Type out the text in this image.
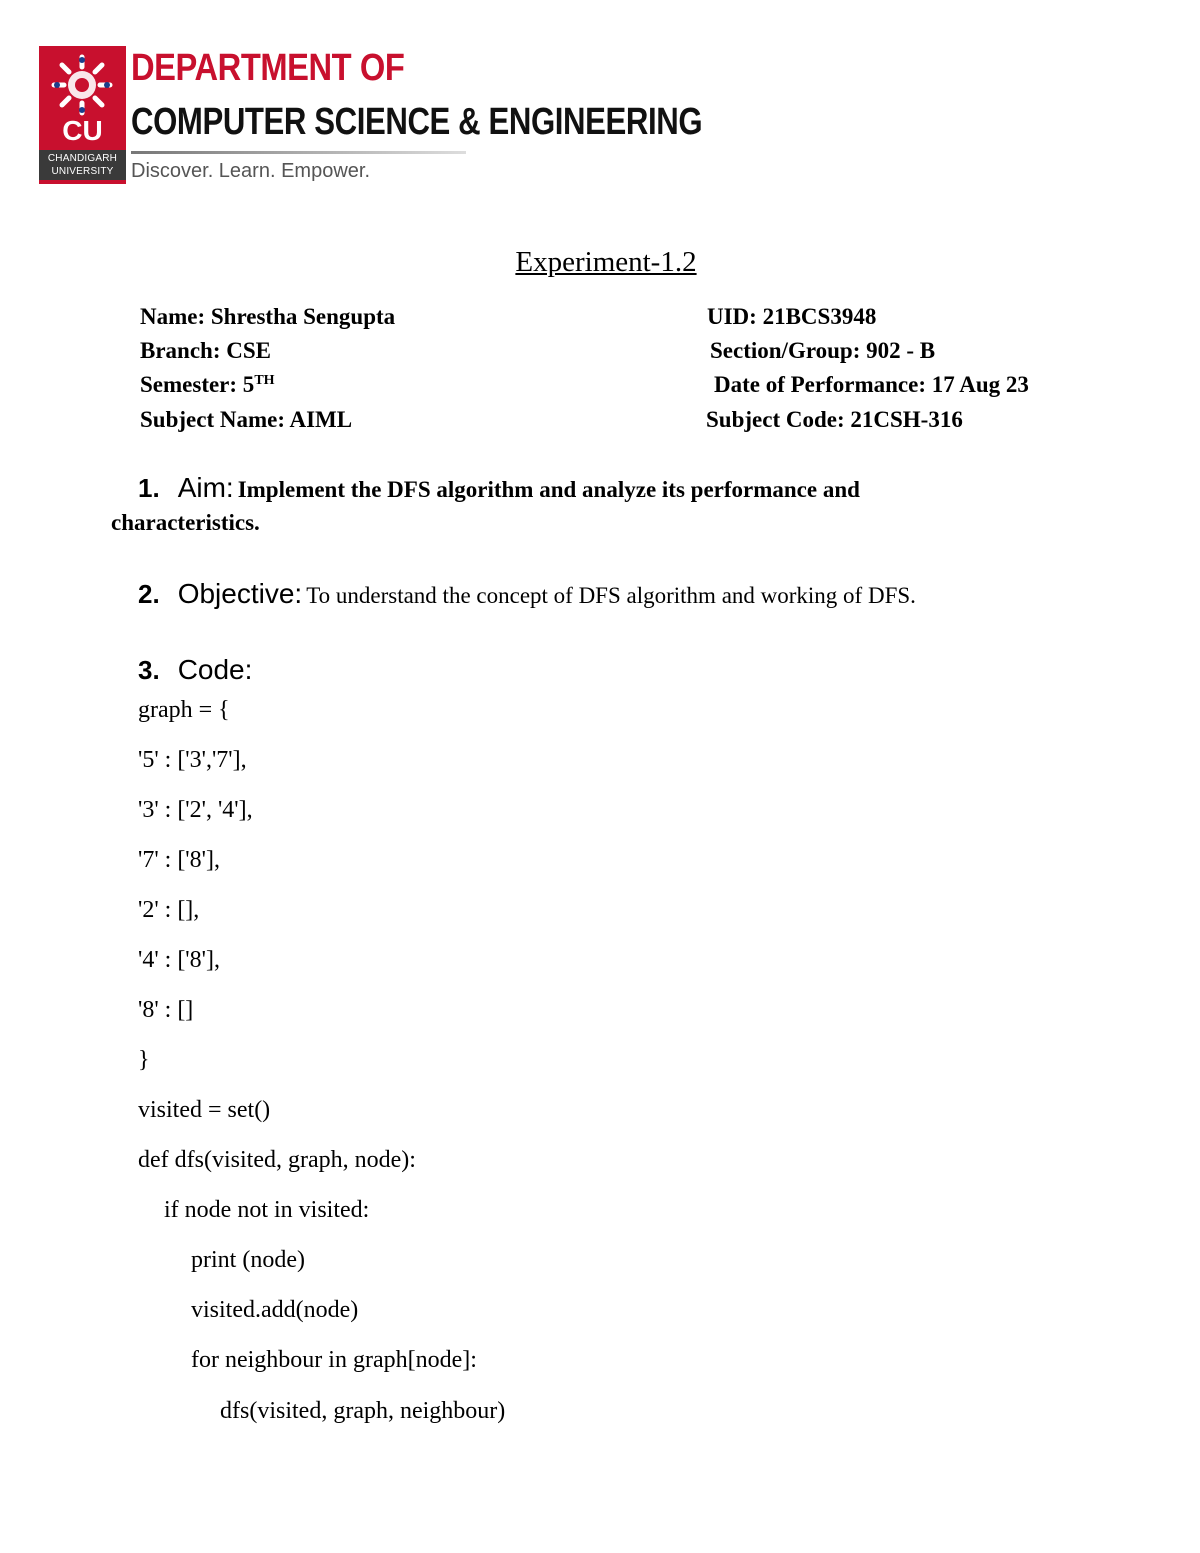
CU
CHANDIGARH
UNIVERSITY
DEPARTMENT OF
COMPUTER SCIENCE & ENGINEERING
Discover. Learn. Empower.
Experiment-1.2
Name: Shrestha Sengupta	UID: 21BCS3948
Branch: CSE	Section/Group: 902 - B
Semester: 5TH	Date of Performance: 17 Aug 23
Subject Name: AIML	Subject Code: 21CSH-316
1. Aim: Implement the DFS algorithm and analyze its performance and
characteristics.
2. Objective: To understand the concept of DFS algorithm and working of DFS.
3. Code:
graph = {
'5' : ['3','7'],
'3' : ['2', '4'],
'7' : ['8'],
'2' : [],
'4' : ['8'],
'8' : []
}
visited = set()
def dfs(visited, graph, node):
if node not in visited:
print (node)
visited.add(node)
for neighbour in graph[node]:
dfs(visited, graph, neighbour)
